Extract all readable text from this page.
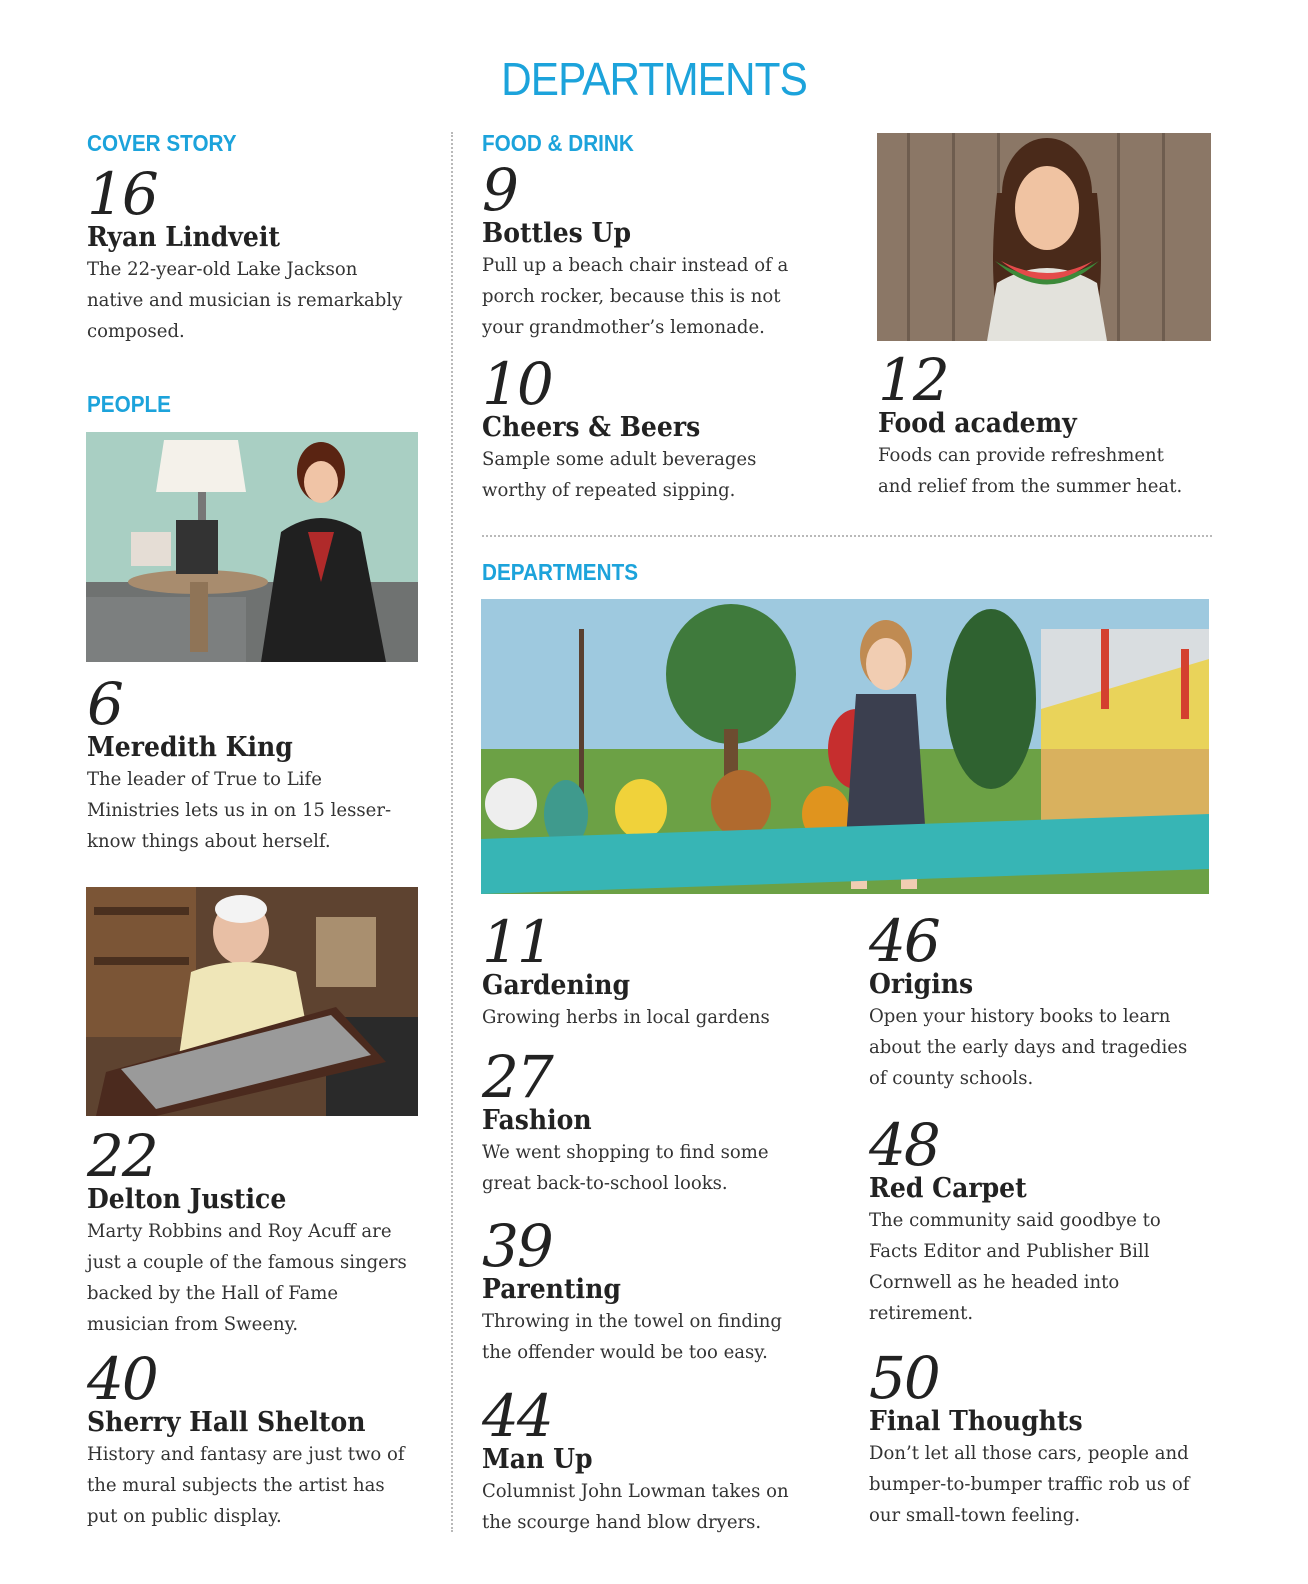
DEPARTMENTS
COVER STORY
PEOPLE
FOOD & DRINK
DEPARTMENTS
16
Ryan Lindveit
The 22-year-old Lake Jackson native and musician is remarkably composed.
6
Meredith King
The leader of True to Life Ministries lets us in on 15 lesser-know things about herself.
22
Delton Justice
Marty Robbins and Roy Acuff are just a couple of the famous singers backed by the Hall of Fame musician from Sweeny.
40
Sherry Hall Shelton
History and fantasy are just two of the mural subjects the artist has put on public display.
9
Bottles Up
Pull up a beach chair instead of a porch rocker, because this is not your grandmother’s lemonade.
10
Cheers & Beers
Sample some adult beverages worthy of repeated sipping.
12
Food academy
Foods can provide refreshment and relief from the summer heat.
11
Gardening
Growing herbs in local gardens
27
Fashion
We went shopping to find some great back-to-school looks.
39
Parenting
Throwing in the towel on finding the offender would be too easy.
44
Man Up
Columnist John Lowman takes on the scourge hand blow dryers.
46
Origins
Open your history books to learn about the early days and tragedies of county schools.
48
Red Carpet
The community said goodbye to Facts Editor and Publisher Bill Cornwell as he headed into retirement.
50
Final Thoughts
Don’t let all those cars, people and bumper-to-bumper traffic rob us of our small-town feeling.
